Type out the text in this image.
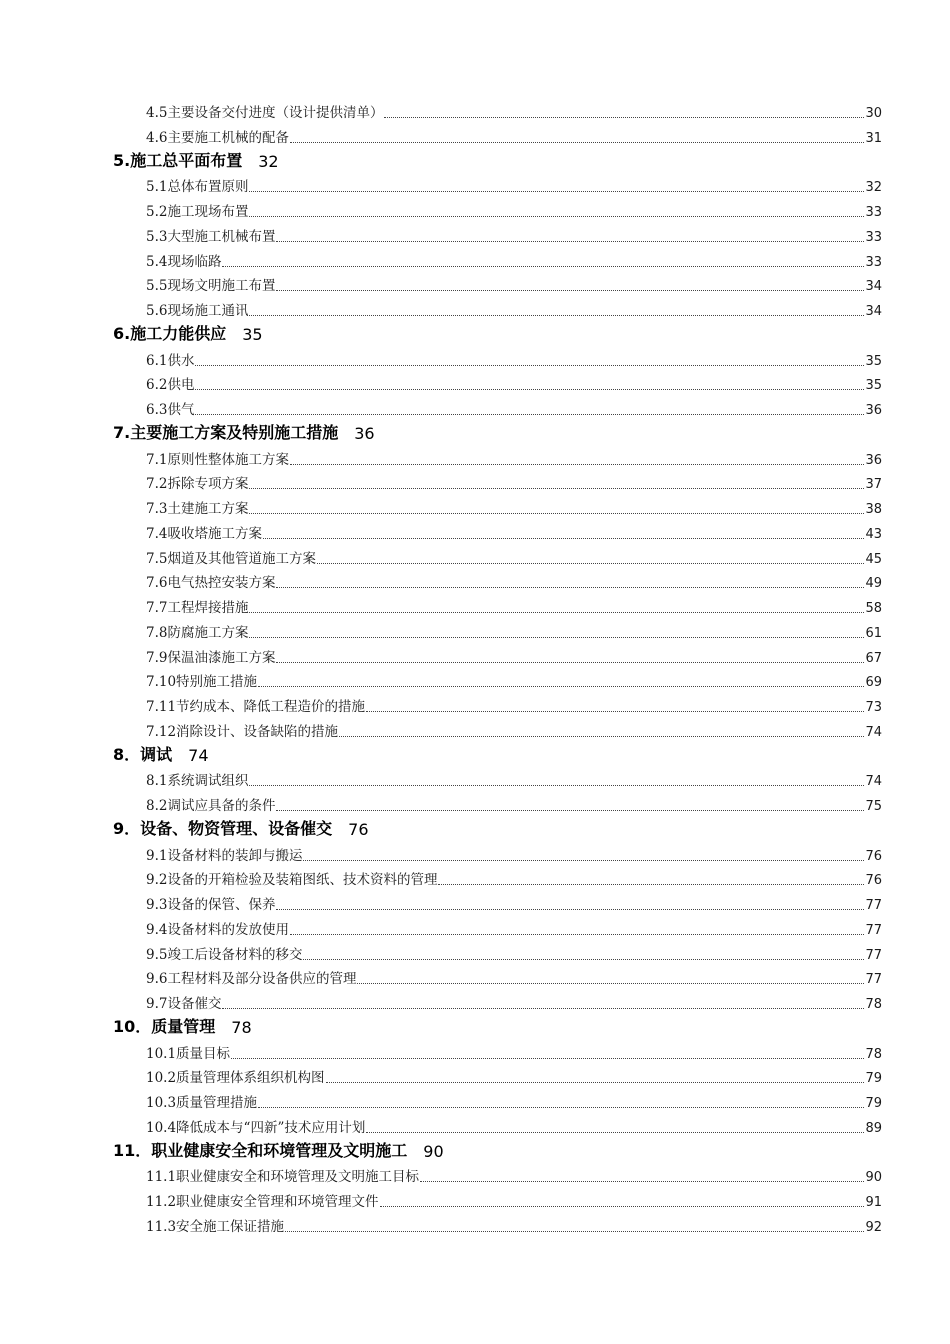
4.5主要设备交付进度（设计提供清单）	30
4.6主要施工机械的配备	31
5.施工总平面布置 32
5.1总体布置原则	32
5.2施工现场布置	33
5.3大型施工机械布置	33
5.4现场临路	33
5.5现场文明施工布置	34
5.6现场施工通讯	34
6.施工力能供应 35
6.1供水	35
6.2供电	35
6.3供气	36
7.主要施工方案及特别施工措施 36
7.1原则性整体施工方案	36
7.2拆除专项方案	37
7.3土建施工方案	38
7.4吸收塔施工方案	43
7.5烟道及其他管道施工方案	45
7.6电气热控安装方案	49
7.7工程焊接措施	58
7.8防腐施工方案	61
7.9保温油漆施工方案	67
7.10特别施工措施	69
7.11节约成本、降低工程造价的措施	73
7.12消除设计、设备缺陷的措施	74
8．调试 74
8.1系统调试组织	74
8.2调试应具备的条件	75
9．设备、物资管理、设备催交 76
9.1设备材料的装卸与搬运	76
9.2设备的开箱检验及装箱图纸、技术资料的管理	76
9.3设备的保管、保养	77
9.4设备材料的发放使用	77
9.5竣工后设备材料的移交	77
9.6工程材料及部分设备供应的管理	77
9.7设备催交	78
10．质量管理 78
10.1质量目标	78
10.2质量管理体系组织机构图	79
10.3质量管理措施	79
10.4降低成本与“四新”技术应用计划	89
11．职业健康安全和环境管理及文明施工 90
11.1职业健康安全和环境管理及文明施工目标	90
11.2职业健康安全管理和环境管理文件	91
11.3安全施工保证措施	92
